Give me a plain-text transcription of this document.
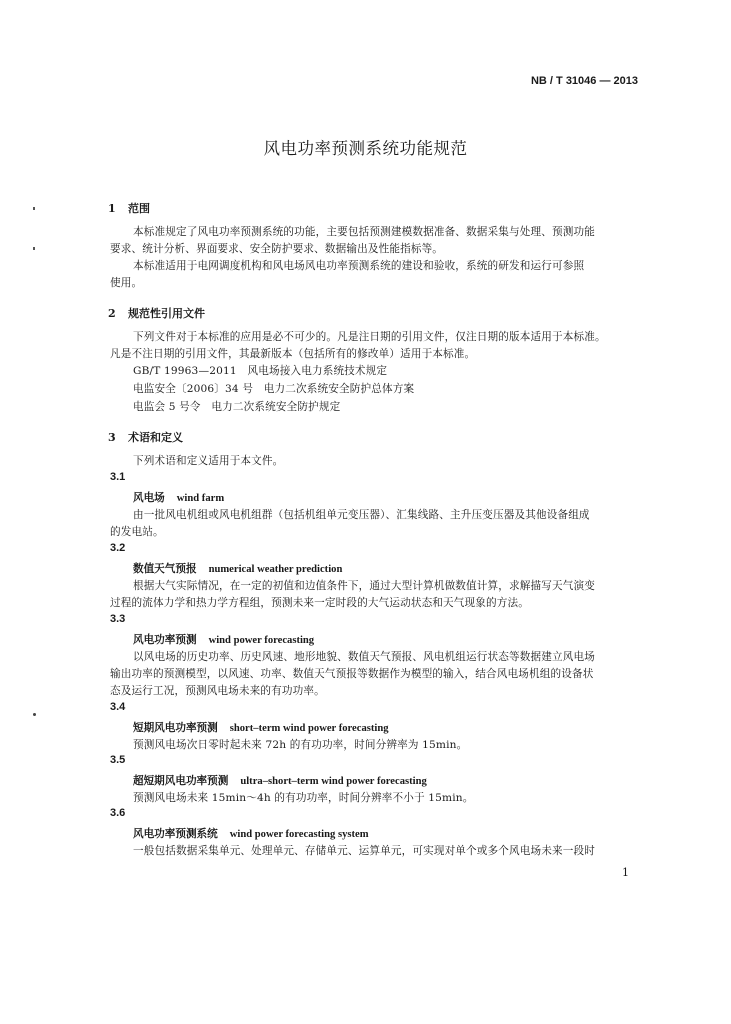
NB / T 31046 — 2013
风电功率预测系统功能规范
1 范围
本标准规定了风电功率预测系统的功能，主要包括预测建模数据准备、数据采集与处理、预测功能
要求、统计分析、界面要求、安全防护要求、数据输出及性能指标等。
本标准适用于电网调度机构和风电场风电功率预测系统的建设和验收，系统的研发和运行可参照
使用。
2 规范性引用文件
下列文件对于本标准的应用是必不可少的。凡是注日期的引用文件，仅注日期的版本适用于本标准。
凡是不注日期的引用文件，其最新版本（包括所有的修改单）适用于本标准。
GB/T 19963—2011　风电场接入电力系统技术规定
电监安全〔2006〕34 号　电力二次系统安全防护总体方案
电监会 5 号令　电力二次系统安全防护规定
3 术语和定义
下列术语和定义适用于本文件。
3.1
风电场 wind farm
由一批风电机组或风电机组群（包括机组单元变压器）、汇集线路、主升压变压器及其他设备组成
的发电站。
3.2
数值天气预报 numerical weather prediction
根据大气实际情况，在一定的初值和边值条件下，通过大型计算机做数值计算，求解描写天气演变
过程的流体力学和热力学方程组，预测未来一定时段的大气运动状态和天气现象的方法。
3.3
风电功率预测 wind power forecasting
以风电场的历史功率、历史风速、地形地貌、数值天气预报、风电机组运行状态等数据建立风电场
输出功率的预测模型，以风速、功率、数值天气预报等数据作为模型的输入，结合风电场机组的设备状
态及运行工况，预测风电场未来的有功功率。
3.4
短期风电功率预测 short–term wind power forecasting
预测风电场次日零时起未来 72h 的有功功率，时间分辨率为 15min。
3.5
超短期风电功率预测 ultra–short–term wind power forecasting
预测风电场未来 15min～4h 的有功功率，时间分辨率不小于 15min。
3.6
风电功率预测系统 wind power forecasting system
一般包括数据采集单元、处理单元、存储单元、运算单元，可实现对单个或多个风电场未来一段时
1
